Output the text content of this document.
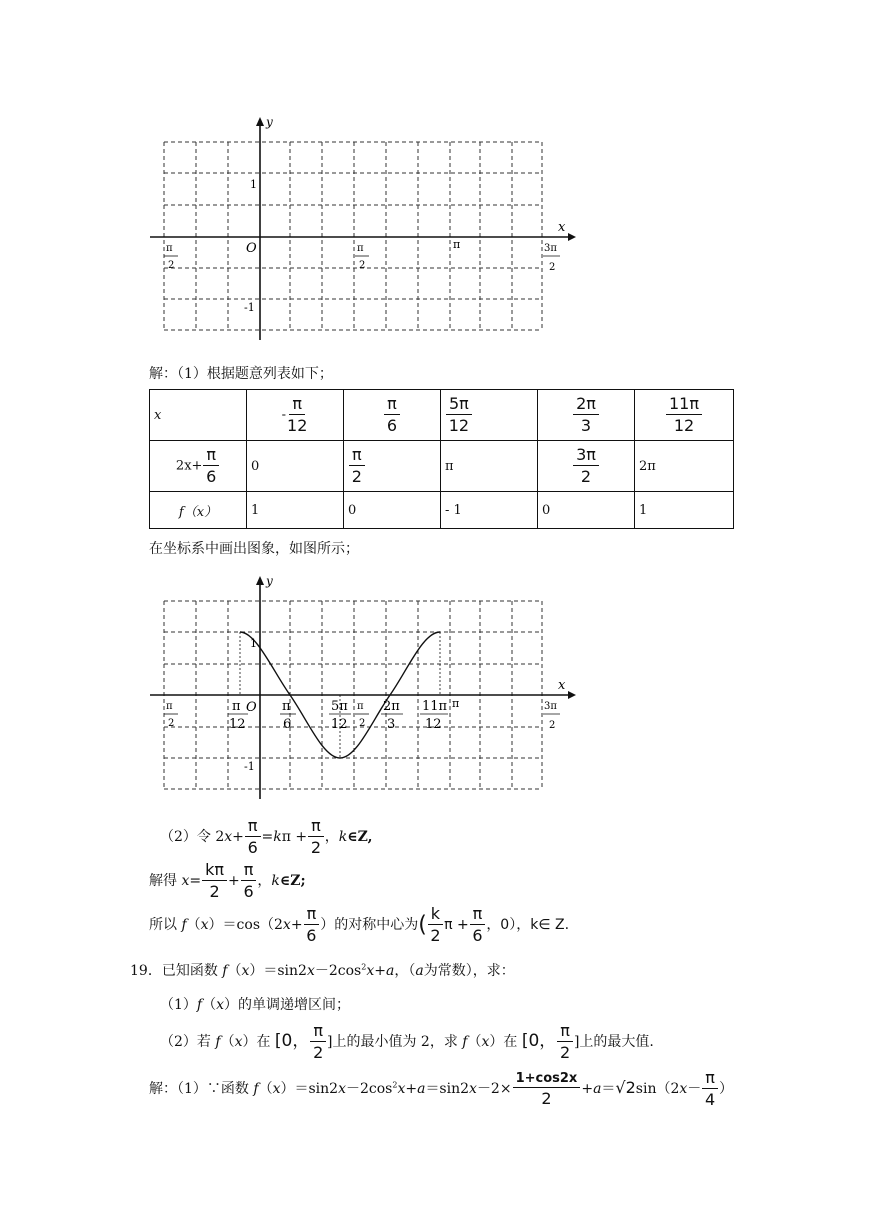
y
x
O
1
-1
π
2
π
2
π	3π
2
解：（1）根据题意列表如下；
x	- $\frac{\pi}{12}$	$\frac{\pi}{6}$	$\frac{5\pi}{12}$	$\frac{2\pi}{3}$	$\frac{11\pi}{12}$

$2x+ \frac{\pi}{6}$	0	$\frac{\pi}{2}$	π	$\frac{3\pi}{2}$	2π
f（x）	1	0	- 1	0	1
在坐标系中画出图象，如图所示；
y
x
O
1
-1
π
2
π
12
π
6
5π
12
π
2
2π
3
11π
12
π	3π
2
（2）令 $2x+ \frac{\pi}{6} =k\pi + \frac{\pi}{2}$ ，k∈Z,
解得 $x= \frac{k\pi}{2} + \frac{\pi}{6}$ ，k∈Z;
所以 $f(x)=\cos(2x+ \frac{\pi}{6}$ ）的对称中心为( $\frac{k}{2}$ $\pi + \frac{\pi}{6}$ ，0），k∈ Z.
19．已知函数 $f(x)=\sin 2x-2\cos^2x+a$，（a为常数），求：
（1）f（x）的单调递增区间；
（2）若 f（x）在 [0， $\frac{\pi}{2}$ ]上的最小值为 2，求 f（x）在 [0， $\frac{\pi}{2}$ ]上的最大值.
解：（1）∵函数 $f(x)=\sin 2x-2\cos^2x+a=\sin 2x-2\times \frac{1+\cos 2x}{2} +a=√2\sin(2x- \frac{\pi}{4}$ ）
